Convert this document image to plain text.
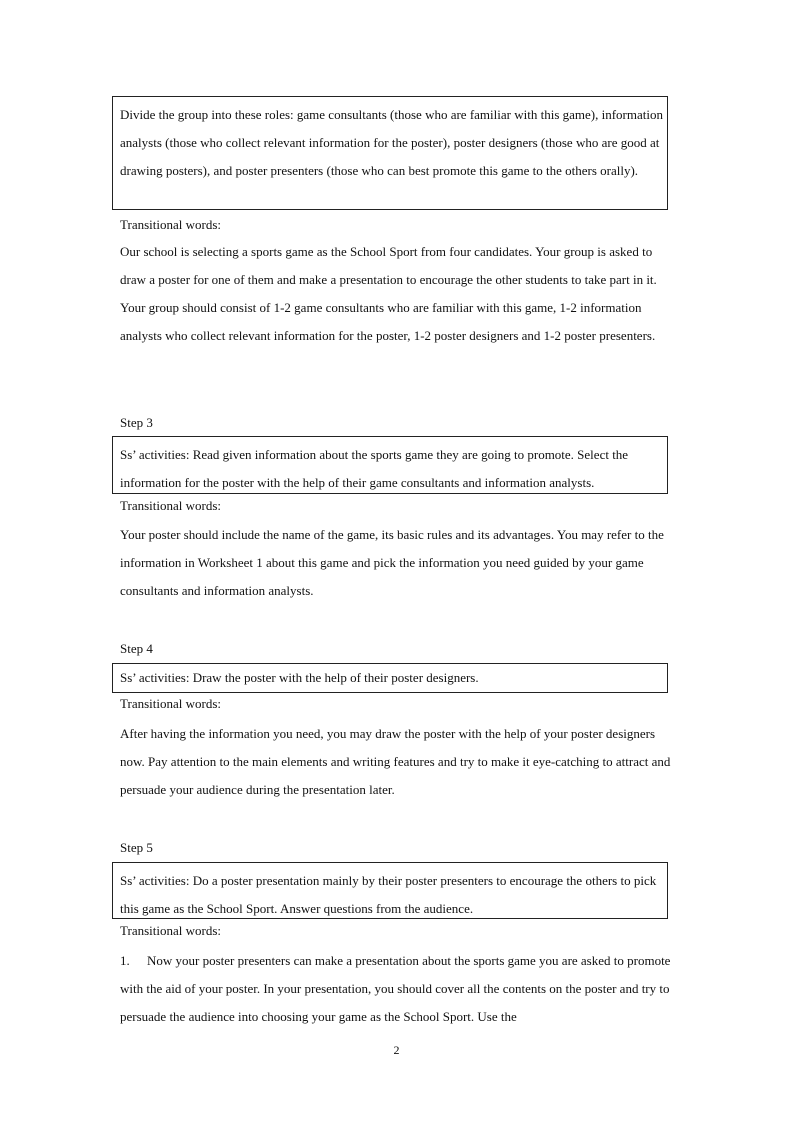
Divide the group into these roles: game consultants (those who are familiar with this game), information analysts (those who collect relevant information for the poster), poster designers (those who are good at drawing posters), and poster presenters (those who can best promote this game to the others orally).
Transitional words:
Our school is selecting a sports game as the School Sport from four candidates. Your group is asked to draw a poster for one of them and make a presentation to encourage the other students to take part in it. Your group should consist of 1-2 game consultants who are familiar with this game, 1-2 information analysts who collect relevant information for the poster, 1-2 poster designers and 1-2 poster presenters.
Step 3
Ss’ activities: Read given information about the sports game they are going to promote. Select the information for the poster with the help of their game consultants and information analysts.
Transitional words:
Your poster should include the name of the game, its basic rules and its advantages. You may refer to the information in Worksheet 1 about this game and pick the information you need guided by your game consultants and information analysts.
Step 4
Ss’ activities: Draw the poster with the help of their poster designers.
Transitional words:
After having the information you need, you may draw the poster with the help of your poster designers now. Pay attention to the main elements and writing features and try to make it eye-catching to attract and persuade your audience during the presentation later.
Step 5
Ss’ activities: Do a poster presentation mainly by their poster presenters to encourage the others to pick this game as the School Sport. Answer questions from the audience.
Transitional words:
1. Now your poster presenters can make a presentation about the sports game you are asked to promote with the aid of your poster. In your presentation, you should cover all the contents on the poster and try to persuade the audience into choosing your game as the School Sport. Use the
2
